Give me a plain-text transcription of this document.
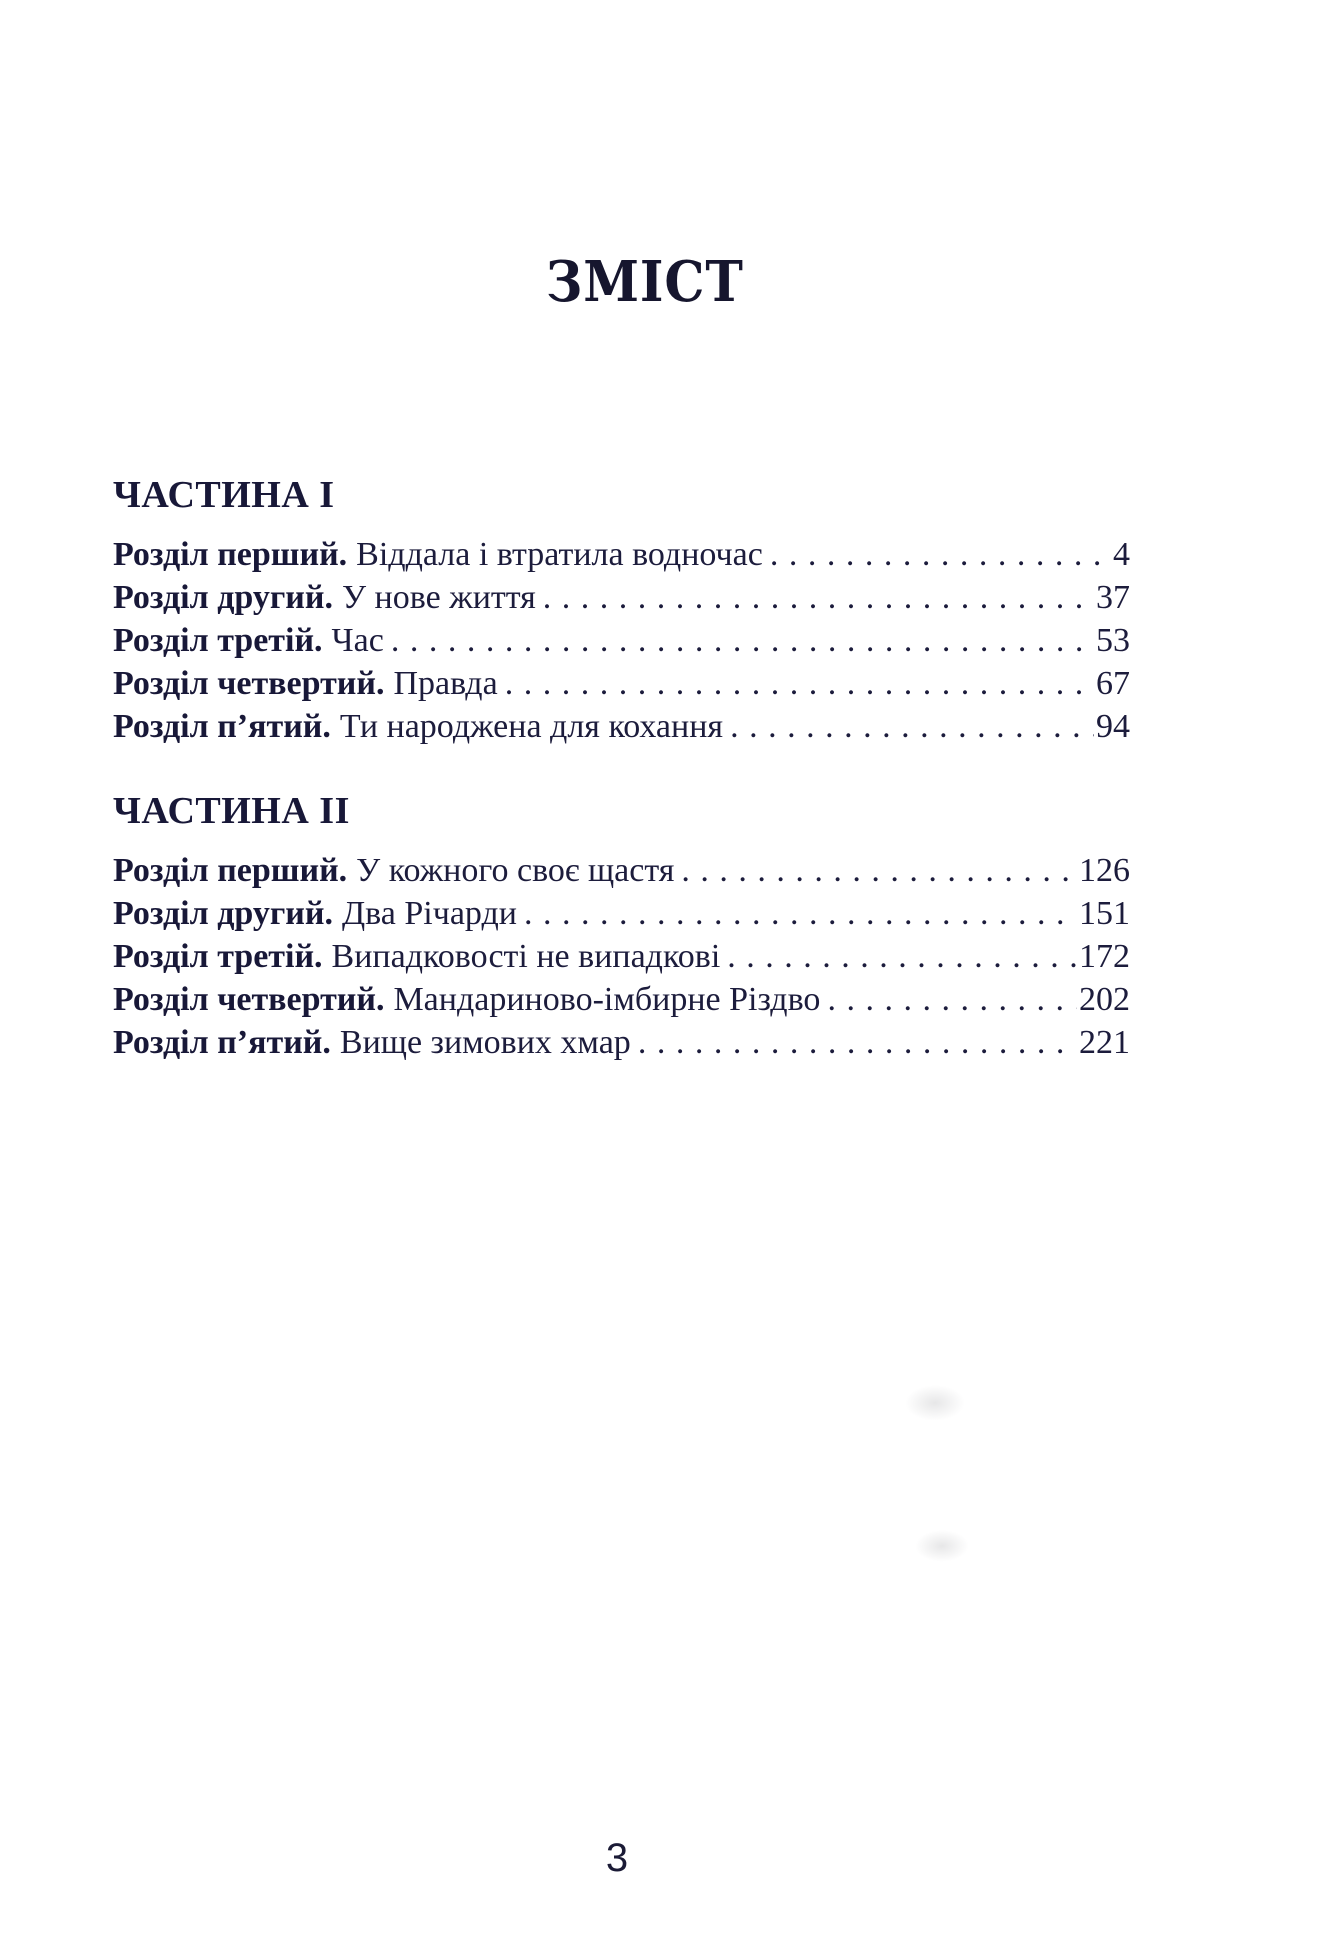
ЗМІСТ
ЧАСТИНА I
Розділ перший. Віддала і втратила водночас . . .	4
Розділ другий. У нове життя . . .	37
Розділ третій. Час . . .	53
Розділ четвертий. Правда . . .	67
Розділ п’ятий. Ти народжена для кохання . . .	94
ЧАСТИНА II
Розділ перший. У кожного своє щастя . . .	126
Розділ другий. Два Річарди . . .	151
Розділ третій. Випадковості не випадкові . . .	172
Розділ четвертий. Мандариново-імбирне Різдво . . .	202
Розділ п’ятий. Вище зимових хмар . . .	221
3
